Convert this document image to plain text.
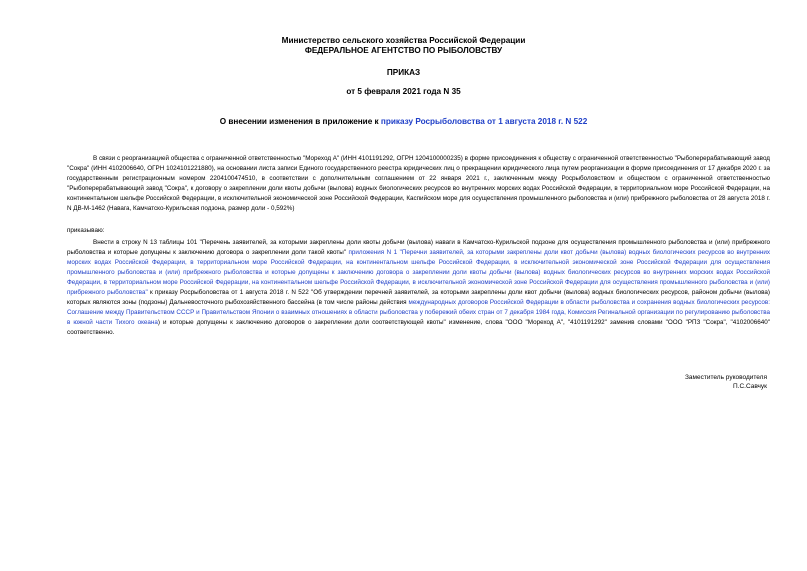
Министерство сельского хозяйства Российской Федерации
ФЕДЕРАЛЬНОЕ АГЕНТСТВО ПО РЫБОЛОВСТВУ
ПРИКАЗ
от 5 февраля 2021 года N 35
О внесении изменения в приложение к приказу Росрыболовства от 1 августа 2018 г. N 522
В связи с реорганизацией общества с ограниченной ответственностью "Мореход А" (ИНН 4101191292, ОГРН 1204100000235) в форме присоединения к обществу с ограниченной ответственностью "Рыбоперерабатывающий завод "Сокра" (ИНН 4102006640, ОГРН 1024101221880), на основании листа записи Единого государственного реестра юридических лиц о прекращении юридического лица путем реорганизации в форме присоединения от 17 декабря 2020 г. за государственным регистрационным номером 2204100474510, в соответствии с дополнительным соглашением от 22 января 2021 г., заключенным между Росрыболовством и обществом с ограниченной ответственностью "Рыбоперерабатывающий завод "Сокра", к договору о закреплении доли квоты добычи (вылова) водных биологических ресурсов во внутренних морских водах Российской Федерации, в территориальном море Российской Федерации, на континентальном шельфе Российской Федерации, в исключительной экономической зоне Российской Федерации, Каспийском море для осуществления промышленного рыболовства и (или) прибрежного рыболовства от 28 августа 2018 г. N ДВ-М-1462 (Навага, Камчатско-Курильская подзона, размер доли - 0,592%)
приказываю:
Внести в строку N 13 таблицы 101 "Перечень заявителей, за которыми закреплены доли квоты добычи (вылова) наваги в Камчатско-Курильской подзоне для осуществления промышленного рыболовства и (или) прибрежного рыболовства и которые допущены к заключению договора о закреплении доли такой квоты" приложения N 1 "Перечни заявителей, за которыми закреплены доли квот добычи (вылова) водных биологических ресурсов во внутренних морских водах Российской Федерации, в территориальном море Российской Федерации, на континентальном шельфе Российской Федерации, в исключительной экономической зоне Российской Федерации для осуществления промышленного рыболовства и (или) прибрежного рыболовства и которые допущены к заключению договора о закреплении доли квоты добычи (вылова) водных биологических ресурсов во внутренних морских водах Российской Федерации, в территориальном море Российской Федерации, на континентальном шельфе Российской Федерации, в исключительной экономической зоне Российской Федерации для осуществления промышленного рыболовства и (или) прибрежного рыболовства" к приказу Росрыболовства от 1 августа 2018 г. N 522 "Об утверждении перечней заявителей, за которыми закреплены доли квот добычи (вылова) водных биологических ресурсов, районом добычи (вылова) которых являются зоны (подзоны) Дальневосточного рыбохозяйственного бассейна (в том числе районы действия международных договоров Российской Федерации в области рыболовства и сохранения водных биологических ресурсов: Соглашение между Правительством СССР и Правительством Японии о взаимных отношениях в области рыболовства у побережий обеих стран от 7 декабря 1984 года, Комиссия Регинальной организации по регулированию рыболовства в южной части Тихого океана) и которые допущены к заключению договоров о закреплении доли соответствующей квоты" изменение, слова "ООО "Мореход А", "4101191292" заменив словами "ООО "РПЗ "Сокра", "4102006640" соответственно.
Заместитель руководителя
П.С.Савчук
